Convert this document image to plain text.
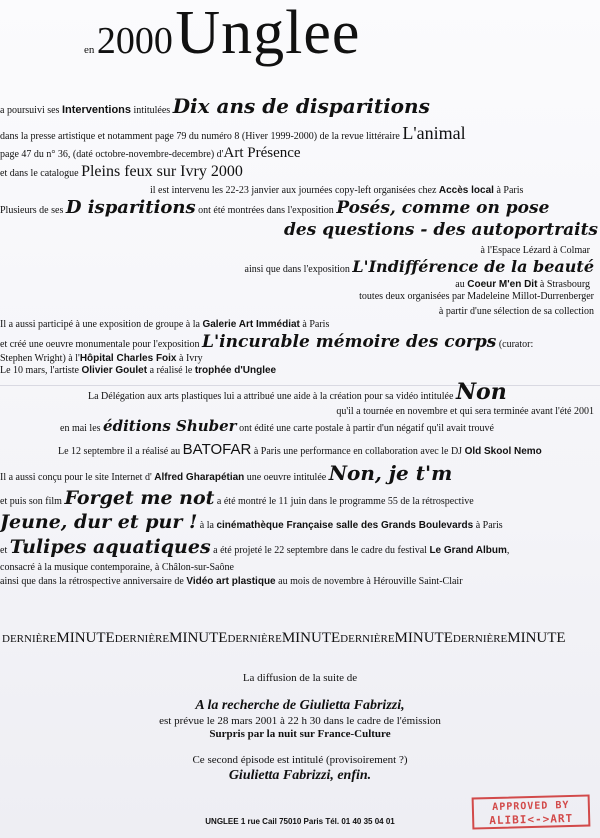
en 2000 Unglee
a poursuivi ses Interventions intitulées Dix ans de disparitions
dans la presse artistique et notamment page 79 du numéro 8 (Hiver 1999-2000) de la revue littéraire L'animal
page 47 du n° 36, (daté octobre-novembre-decembre) d'Art Présence
et dans le catalogue Pleins feux sur Ivry 2000
il est intervenu les 22-23 janvier aux journées copy-left organisées chez Accès local à Paris
Plusieurs de ses D isparitions ont été montrées dans l'exposition Posés, comme on pose
des questions - des autoportraits
à l'Espace Lézard à Colmar
ainsi que dans l'exposition L'Indifférence de la beauté
au Coeur M'en Dit à Strasbourg
toutes deux organisées par Madeleine Millot-Durrenberger
à partir d'une sélection de sa collection
Il a aussi participé à une exposition de groupe à la Galerie Art Immédiat à Paris
et créé une oeuvre monumentale pour l'exposition L'incurable mémoire des corps (curator:
Stephen Wright) à l'Hôpital Charles Foix à Ivry
Le 10 mars, l'artiste Olivier Goulet a réalisé le trophée d'Unglee
La Délégation aux arts plastiques lui a attribué une aide à la création pour sa vidéo intitulée Non
qu'il a tournée en novembre et qui sera terminée avant l'été 2001
en mai les éditions Shuber ont édité une carte postale à partir d'un négatif qu'il avait trouvé
Le 12 septembre il a réalisé au BATOFAR à Paris une performance en collaboration avec le DJ Old Skool Nemo
Il a aussi conçu pour le site Internet d' Alfred Gharapétian une oeuvre intitulée Non, je t'm
et puis son film Forget me not a été montré le 11 juin dans le programme 55 de la rétrospective
Jeune, dur et pur ! à la cinémathèque Française salle des Grands Boulevards à Paris
et Tulipes aquatiques a été projeté le 22 septembre dans le cadre du festival Le Grand Album,
consacré à la musique contemporaine, à Châlon-sur-Saône
ainsi que dans la rétrospective anniversaire de Vidéo art plastique au mois de novembre à Hérouville Saint-Clair
DERNIÈREMINUTEDERNIÈREMINUTEDERNIÈREMINUTEDERNIÈREMINUTEDERNIÈREMINUTE
La diffusion de la suite de
A la recherche de Giulietta Fabrizzi,
est prévue le 28 mars 2001 à 22 h 30 dans le cadre de l'émission
Surpris par la nuit sur France-Culture
Ce second épisode est intitulé (provisoirement ?)
Giulietta Fabrizzi, enfin.
UNGLEE 1 rue Cail 75010 Paris Tél. 01 40 35 04 01
APPROVED BY
ALIBI<->ART
